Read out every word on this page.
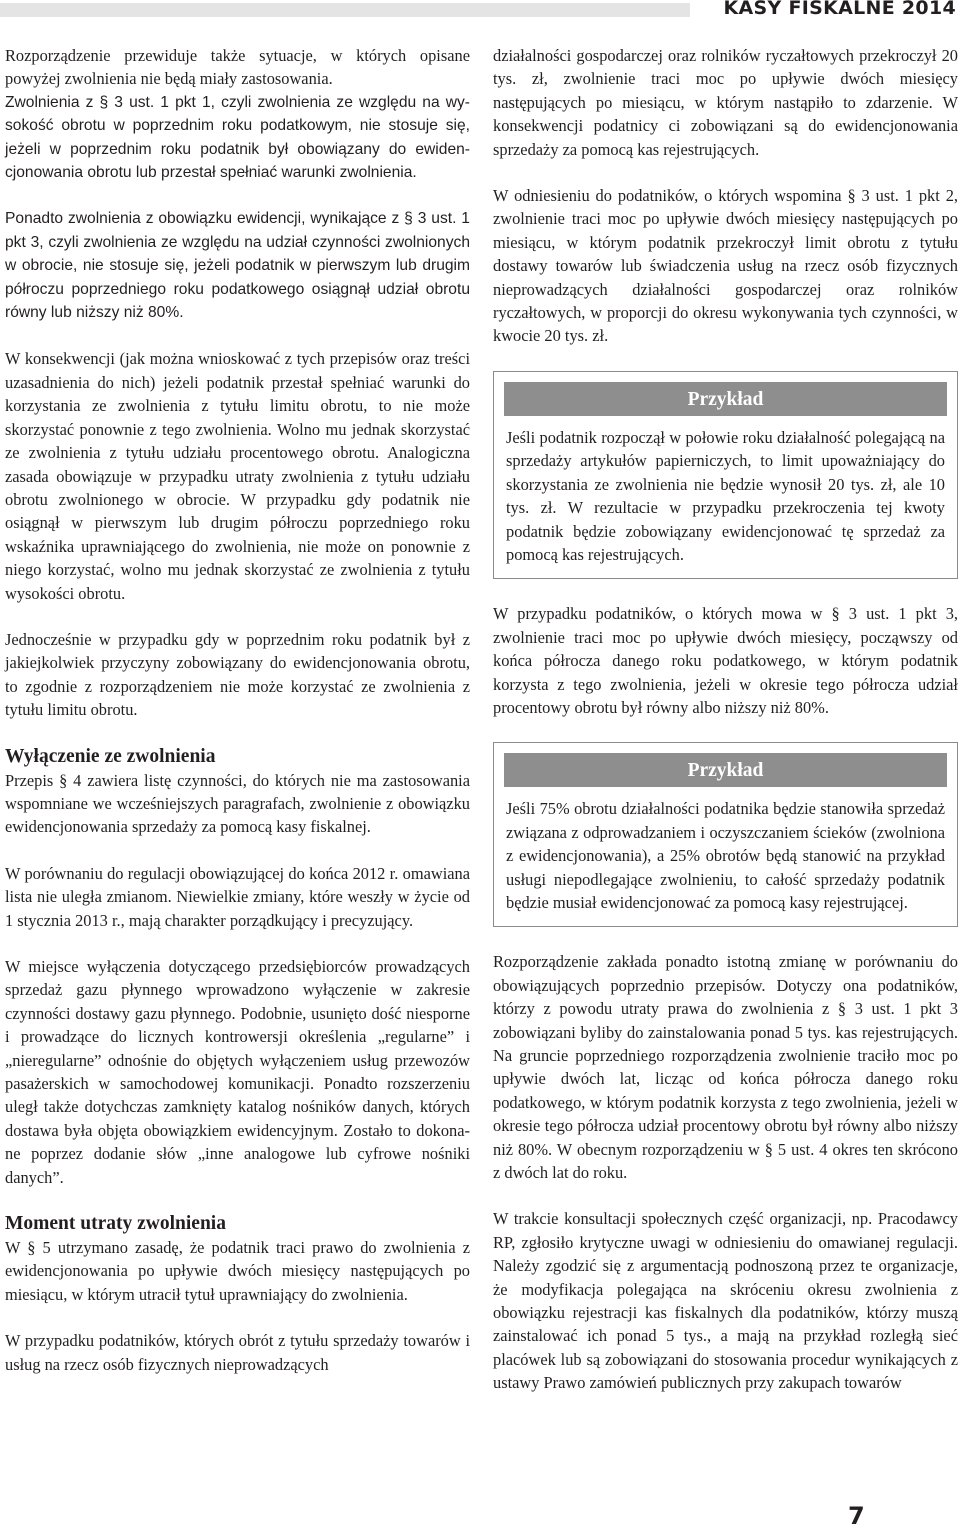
KASY FISKALNE 2014

Rozporządzenie przewiduje także sytuacje, w których opisane powyżej zwolnienia nie będą miały zastosowania.

Zwolnienia z § 3 ust. 1 pkt 1, czyli zwolnienia ze względu na wysokość obrotu w poprzednim roku podatkowym, nie stosuje się, jeżeli w poprzednim roku podatnik był obowiązany do ewidencjonowania obrotu lub przestał spełniać warunki zwolnienia.

Ponadto zwolnienia z obowiązku ewidencji, wynikające z § 3 ust. 1 pkt 3, czyli zwolnienia ze względu na udział czynności zwolnionych w obrocie, nie stosuje się, jeżeli podatnik w pierwszym lub drugim półroczu poprzedniego roku podatkowego osiągnął udział obrotu równy lub niższy niż 80%.

W konsekwencji (jak można wnioskować z tych przepisów oraz treści uzasadnienia do nich) jeżeli podatnik przestał spełniać warunki do korzystania ze zwolnienia z tytułu limitu obrotu, to nie może skorzystać ponownie z tego zwolnienia. Wolno mu jednak skorzystać ze zwolnienia z tytułu udziału procentowego obrotu. Analogiczna zasada obowiązuje w przypadku utraty zwolnienia z tytułu udziału obrotu zwolnionego w obrocie. W przypadku gdy podatnik nie osiągnął w pierwszym lub drugim półroczu poprzedniego roku wskaźnika uprawniającego do zwolnienia, nie może on ponownie z niego korzystać, wolno mu jednak skorzystać ze zwolnienia z tytułu wysokości obrotu.

Jednocześnie w przypadku gdy w poprzednim roku podatnik był z jakiejkolwiek przyczyny zobowiązany do ewidencjonowania obrotu, to zgodnie z rozporządzeniem nie może korzystać ze zwolnienia z tytułu limitu obrotu.

Wyłączenie ze zwolnienia

Przepis § 4 zawiera listę czynności, do których nie ma zastosowania wspomniane we wcześniejszych paragrafach, zwolnienie z obowiązku ewidencjonowania sprzedaży za pomocą kasy fiskalnej.

W porównaniu do regulacji obowiązującej do końca 2012 r. omawiana lista nie uległa zmianom. Niewielkie zmiany, które weszły w życie od 1 stycznia 2013 r., mają charakter porządkujący i precyzujący.

W miejsce wyłączenia dotyczącego przedsiębiorców prowadzących sprzedaż gazu płynnego wprowadzono wyłączenie w zakresie czynności dostawy gazu płynnego. Podobnie, usunięto dość niesporne i prowadzące do licznych kontrowersji określenia „regularne” i „nieregularne” odnośnie do objętych wyłączeniem usług przewozów pasażerskich w samochodowej komunikacji. Ponadto rozszerzeniu uległ także dotychczas zamknięty katalog nośników danych, których dostawa była objęta obowiązkiem ewidencyjnym. Zostało to dokonane poprzez dodanie słów „inne analogowe lub cyfrowe nośniki danych”.

Moment utraty zwolnienia

W § 5 utrzymano zasadę, że podatnik traci prawo do zwolnienia z ewidencjonowania po upływie dwóch miesięcy następujących po miesiącu, w którym utracił tytuł uprawniający do zwolnienia.

W przypadku podatników, których obrót z tytułu sprzedaży towarów i usług na rzecz osób fizycznych nieprowadzących

działalności gospodarczej oraz rolników ryczałtowych przekroczył 20 tys. zł, zwolnienie traci moc po upływie dwóch miesięcy następujących po miesiącu, w którym nastąpiło to zdarzenie. W konsekwencji podatnicy ci zobowiązani są do ewidencjonowania sprzedaży za pomocą kas rejestrujących.

W odniesieniu do podatników, o których wspomina § 3 ust. 1 pkt 2, zwolnienie traci moc po upływie dwóch miesięcy następujących po miesiącu, w którym podatnik przekroczył limit obrotu z tytułu dostawy towarów lub świadczenia usług na rzecz osób fizycznych nieprowadzących działalności gospodarczej oraz rolników ryczałtowych, w proporcji do okresu wykonywania tych czynności, w kwocie 20 tys. zł.

Przykład

Jeśli podatnik rozpoczął w połowie roku działalność polegającą na sprzedaży artykułów papierniczych, to limit upoważniający do skorzystania ze zwolnienia nie będzie wynosił 20 tys. zł, ale 10 tys. zł. W rezultacie w przypadku przekroczenia tej kwoty podatnik będzie zobowiązany ewidencjonować tę sprzedaż za pomocą kas rejestrujących.

W przypadku podatników, o których mowa w § 3 ust. 1 pkt 3, zwolnienie traci moc po upływie dwóch miesięcy, począwszy od końca półrocza danego roku podatkowego, w którym podatnik korzysta z tego zwolnienia, jeżeli w okresie tego półrocza udział procentowy obrotu był równy albo niższy niż 80%.

Przykład

Jeśli 75% obrotu działalności podatnika będzie stanowiła sprzedaż związana z odprowadzaniem i oczyszczaniem ścieków (zwolniona z ewidencjonowania), a 25% obrotów będą stanowić na przykład usługi niepodlegające zwolnieniu, to całość sprzedaży podatnik będzie musiał ewidencjonować za pomocą kasy rejestrującej.

Rozporządzenie zakłada ponadto istotną zmianę w porównaniu do obowiązujących poprzednio przepisów. Dotyczy ona podatników, którzy z powodu utraty prawa do zwolnienia z § 3 ust. 1 pkt 3 zobowiązani byliby do zainstalowania ponad 5 tys. kas rejestrujących. Na gruncie poprzedniego rozporządzenia zwolnienie traciło moc po upływie dwóch lat, licząc od końca półrocza danego roku podatkowego, w którym podatnik korzysta z tego zwolnienia, jeżeli w okresie tego półrocza udział procentowy obrotu był równy albo niższy niż 80%. W obecnym rozporządzeniu w § 5 ust. 4 okres ten skrócono z dwóch lat do roku.

W trakcie konsultacji społecznych część organizacji, np. Pracodawcy RP, zgłosiło krytyczne uwagi w odniesieniu do omawianej regulacji. Należy zgodzić się z argumentacją podnoszoną przez te organizacje, że modyfikacja polegająca na skróceniu okresu zwolnienia z obowiązku rejestracji kas fiskalnych dla podatników, którzy muszą zainstalować ich ponad 5 tys., a mają na przykład rozległą sieć placówek lub są zobowiązani do stosowania procedur wynikających z ustawy Prawo zamówień publicznych przy zakupach towarów

7
